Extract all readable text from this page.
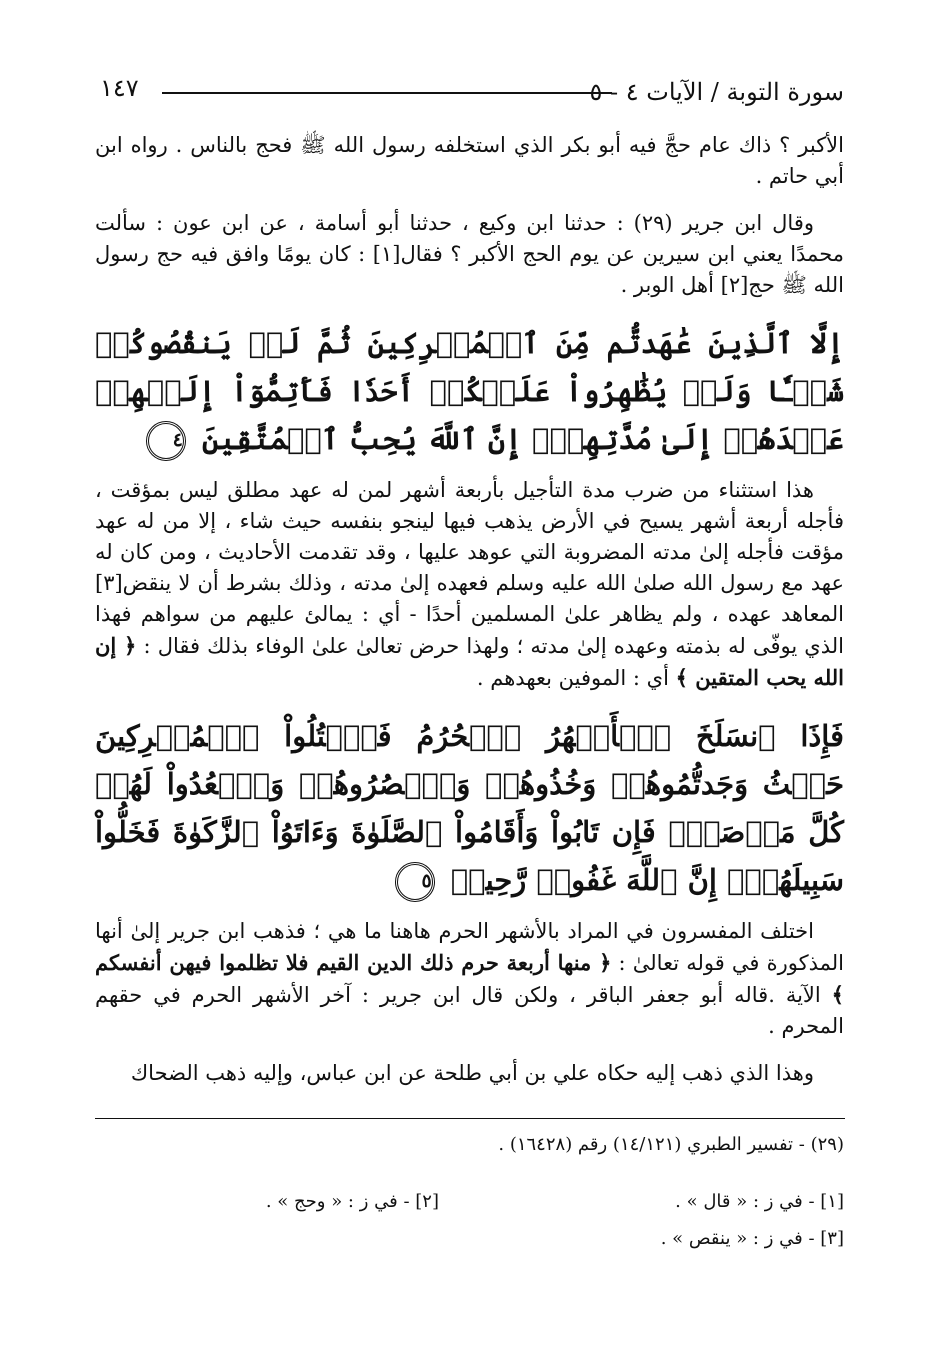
سورة التوبة / الآيات ٤ - ٥
١٤٧

الأكبر ؟ ذاك عام حجَّ فيه أبو بكر الذي استخلفه رسول الله ﷺ فحج بالناس . رواه ابن أبي حاتم .

وقال ابن جرير (٢٩) : حدثنا ابن وكيع ، حدثنا أبو أسامة ، عن ابن عون : سألت محمدًا يعني ابن سيرين عن يوم الحج الأكبر ؟ فقال[١] : كان يومًا وافق فيه حج رسول الله ﷺ حج[٢] أهل الوبر .

إِلَّا ٱلَّذِينَ عَٰهَدتُّم مِّنَ ٱلۡمُشۡرِكِينَ ثُمَّ لَمۡ يَنقُصُوكُمۡ شَيۡـٔٗا وَلَمۡ يُظَٰهِرُواْ عَلَيۡكُمۡ أَحَدٗا فَأَتِمُّوٓاْ إِلَيۡهِمۡ عَهۡدَهُمۡ إِلَىٰ مُدَّتِهِمۡۚ إِنَّ ٱللَّهَ يُحِبُّ ٱلۡمُتَّقِينَ ٤

هذا استثناء من ضرب مدة التأجيل بأربعة أشهر لمن له عهد مطلق ليس بمؤقت ، فأجله أربعة أشهر يسيح في الأرض يذهب فيها لينجو بنفسه حيث شاء ، إلا من له عهد مؤقت فأجله إلىٰ مدته المضروبة التي عوهد عليها ، وقد تقدمت الأحاديث ، ومن كان له عهد مع رسول الله صلىٰ الله عليه وسلم فعهده إلىٰ مدته ، وذلك بشرط أن لا ينقض[٣] المعاهد عهده ، ولم يظاهر علىٰ المسلمين أحدًا - أي : يمالئ عليهم من سواهم فهذا الذي يوفّى له بذمته وعهده إلىٰ مدته ؛ ولهذا حرض تعالىٰ علىٰ الوفاء بذلك فقال : ﴿ إن الله يحب المتقين ﴾ أي : الموفين بعهدهم .

فَإِذَا ٱنسَلَخَ ٱلۡأَشۡهُرُ ٱلۡحُرُمُ فَٱقۡتُلُواْ ٱلۡمُشۡرِكِينَ حَيۡثُ وَجَدتُّمُوهُمۡ وَخُذُوهُمۡ وَٱحۡصُرُوهُمۡ وَٱقۡعُدُواْ لَهُمۡ كُلَّ مَرۡصَدٖۚ فَإِن تَابُواْ وَأَقَامُواْ ٱلصَّلَوٰةَ وَءَاتَوُاْ ٱلزَّكَوٰةَ فَخَلُّواْ سَبِيلَهُمۡۚ إِنَّ ٱللَّهَ غَفُورٞ رَّحِيمٞ ٥

اختلف المفسرون في المراد بالأشهر الحرم هاهنا ما هي ؛ فذهب ابن جرير إلىٰ أنها المذكورة في قوله تعالىٰ : ﴿ منها أربعة حرم ذلك الدين القيم فلا تظلموا فيهن أنفسكم ﴾ الآية .قاله أبو جعفر الباقر ، ولكن قال ابن جرير : آخر الأشهر الحرم في حقهم المحرم .

وهذا الذي ذهب إليه حكاه علي بن أبي طلحة عن ابن عباس، وإليه ذهب الضحاك

(٢٩) - تفسير الطبري (١٤/١٢١) رقم (١٦٤٢٨) .
[١] - في ز : « قال » .
[٢] - في ز : « وحج » .
[٣] - في ز : « ينقص » .
